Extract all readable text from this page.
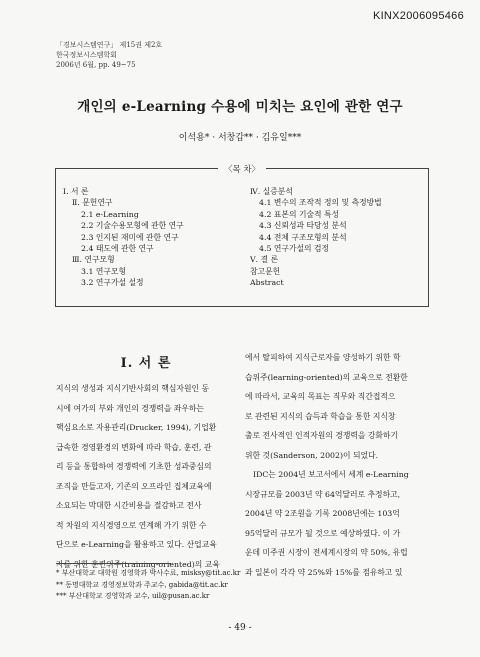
KINX2006095466
「경보시스템연구」 제15권 제2호
한국정보시스템학회
2006년 6월, pp. 49~75
개인의 e-Learning 수용에 미치는 요인에 관한 연구
이석용* · 서창갑** · 김유일***
〈목 차〉
Ⅰ. 서 론
Ⅱ. 문헌연구
2.1 e-Learning
2.2 기술수용모형에 관한 연구
2.3 인지된 재미에 관한 연구
2.4 태도에 관한 연구
Ⅲ. 연구모형
3.1 연구모형
3.2 연구가설 설정
Ⅳ. 실증분석
4.1 변수의 조작적 정의 및 측정방법
4.2 표본의 기술적 특성
4.3 신뢰성과 타당성 분석
4.4 전체 구조모형의 분석
4.5 연구가설의 검정
Ⅴ. 결 론
참고문헌
Abstract
Ⅰ. 서 론
지식의 생성과 지식기반사회의 핵심자원인 동
시에 여가의 부와 개인의 경쟁력을 좌우하는
핵심요소로 자용관리(Drucker, 1994), 기업환
급속한 경영환경의 변화에 따라 학습, 훈련, 관
리 등을 통합하여 경쟁력에 기초한 성과중심의
조직을 만들고자, 기존의 오프라인 집체교육에
소요되는 막대한 시간비용을 절감하고 전사
적 차원의 지식경영으로 연계해 가기 위한 수
단으로 e-Learning을 활용하고 있다. 산업교육
자를 위한 훈련위주(training-oriented)의 교육
에서 탈피하여 지식근로자를 양성하기 위한 학
습위주(learning-oriented)의 교육으로 전환한
에 따라서, 교육의 목표는 직무와 직간접적으
로 관련된 지식의 습득과 학습을 통한 지식창
출로 전사적인 인적자원의 경쟁력을 강화하기
위한 것(Sanderson, 2002)이 되었다.
IDC는 2004년 보고서에서 세계 e-Learning
시장규모를 2003년 약 64억달러로 추정하고,
2004년 약 2조원을 기록 2008년에는 103억
95억달러 규모가 될 것으로 예상하였다. 이 가
운데 미주권 시장이 전세계시장의 약 50%, 유럽
과 일본이 각각 약 25%와 15%를 점유하고 있
* 부산대학교 대학원 경영학과 박사수료, misksy@tit.ac.kr
** 동명대학교 경영정보학과 주교수, gabida@tit.ac.kr
*** 부산대학교 경영학과 교수, uil@pusan.ac.kr
- 49 -
